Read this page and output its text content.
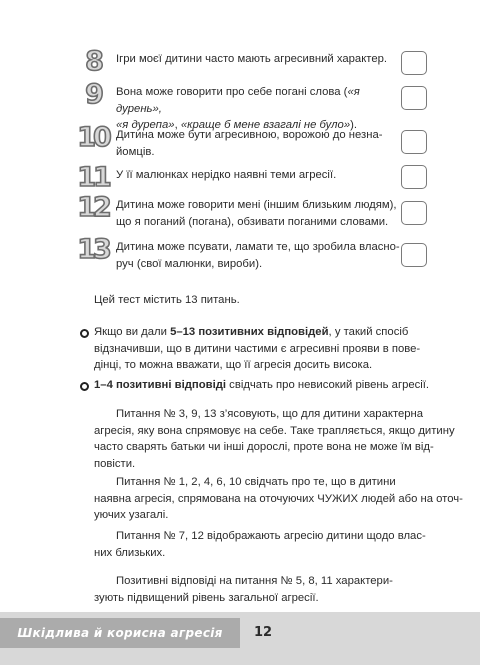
8	Ігри моєї дитини часто мають агресивний характер.
9	Вона може говорити про себе погані слова («я дурень»,
«я дурепа», «краще б мене взагалі не було»).
10 Дитина може бути агресивною, ворожою до незна-
йомців.
11 У її малюнках нерідко наявні теми агресії.
12 Дитина може говорити мені (іншим близьким людям),
що я поганий (погана), обзивати поганими словами.
13 Дитина може псувати, ламати те, що зробила власно-
руч (свої малюнки, вироби).
Цей тест містить 13 питань.
Якщо ви дали 5–13 позитивних відповідей, у такий спосіб
відзначивши, що в дитини частими є агресивні прояви в пове-
дінці, то можна вважати, що її агресія досить висока.
1–4 позитивні відповіді свідчать про невисокий рівень агресії.
Питання № 3, 9, 13 з’ясовують, що для дитини характерна
агресія, яку вона спрямовує на себе. Таке трапляється, якщо дитину
часто сварять батьки чи інші дорослі, проте вона не може їм від-
повісти.
Питання № 1, 2, 4, 6, 10 свідчать про те, що в дитини
наявна агресія, спрямована на оточуючих ЧУЖИХ людей або на оточ-
уючих узагалі.
Питання № 7, 12 відображають агресію дитини щодо влас-
них близьких.
Позитивні відповіді на питання № 5, 8, 11 характери-
зують підвищений рівень загальної агресії.
Шкідлива й корисна агресія	12
